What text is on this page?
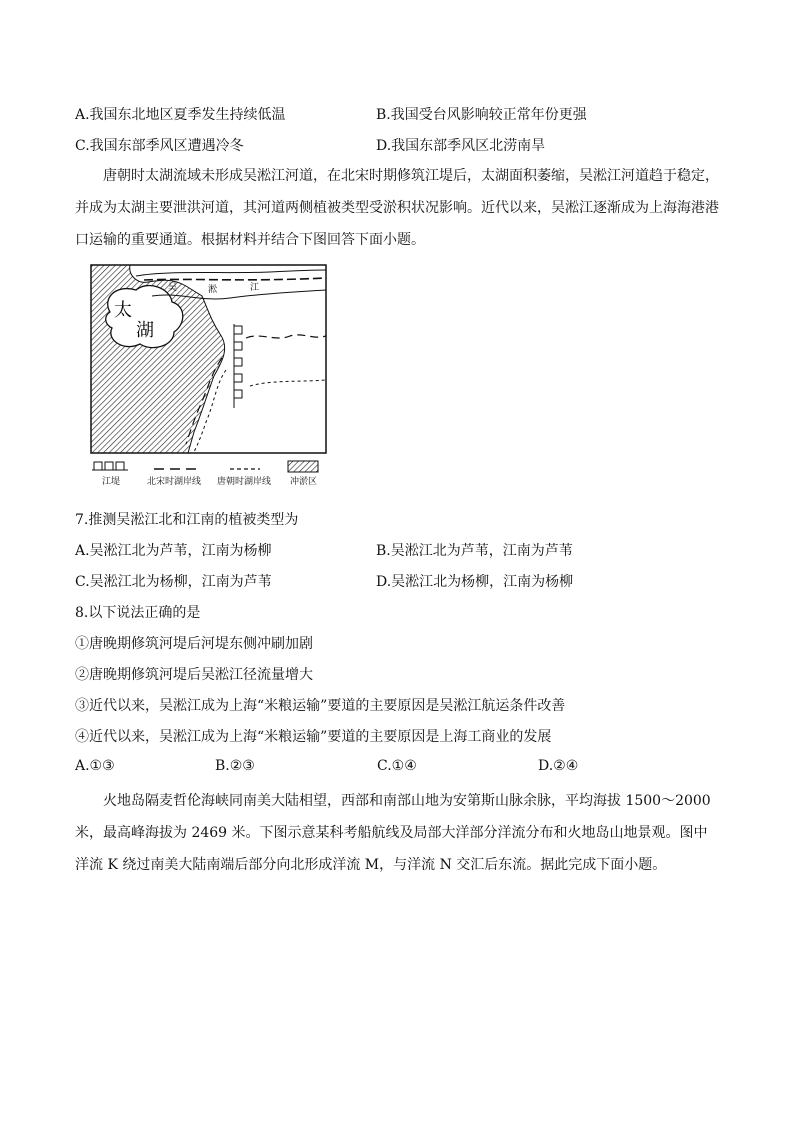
A.我国东北地区夏季发生持续低温	B.我国受台风影响较正常年份更强
C.我国东部季风区遭遇冷冬	D.我国东部季风区北涝南旱
唐朝时太湖流域未形成吴淞江河道，在北宋时期修筑江堤后，太湖面积萎缩，吴淞江河道趋于稳定，并成为太湖主要泄洪河道，其河道两侧植被类型受淤积状况影响。近代以来，吴淞江逐渐成为上海海港港口运输的重要通道。根据材料并结合下图回答下面小题。
太
湖
吴	淞	江
江堤	北宋时湖岸线 唐朝时湖岸线 冲淤区
7.推测吴淞江北和江南的植被类型为
A.吴淞江北为芦苇，江南为杨柳	B.吴淞江北为芦苇，江南为芦苇
C.吴淞江北为杨柳，江南为芦苇	D.吴淞江北为杨柳，江南为杨柳
8.以下说法正确的是
①唐晚期修筑河堤后河堤东侧冲刷加剧
②唐晚期修筑河堤后吴淞江径流量增大
③近代以来，吴淞江成为上海“米粮运输”要道的主要原因是吴淞江航运条件改善
④近代以来，吴淞江成为上海“米粮运输”要道的主要原因是上海工商业的发展
A.①③	B.②③	C.①④	D.②④
火地岛隔麦哲伦海峡同南美大陆相望，西部和南部山地为安第斯山脉余脉，平均海拔 1500～2000 米，最高峰海拔为 2469 米。下图示意某科考船航线及局部大洋部分洋流分布和火地岛山地景观。图中洋流 K 绕过南美大陆南端后部分向北形成洋流 M，与洋流 N 交汇后东流。据此完成下面小题。
